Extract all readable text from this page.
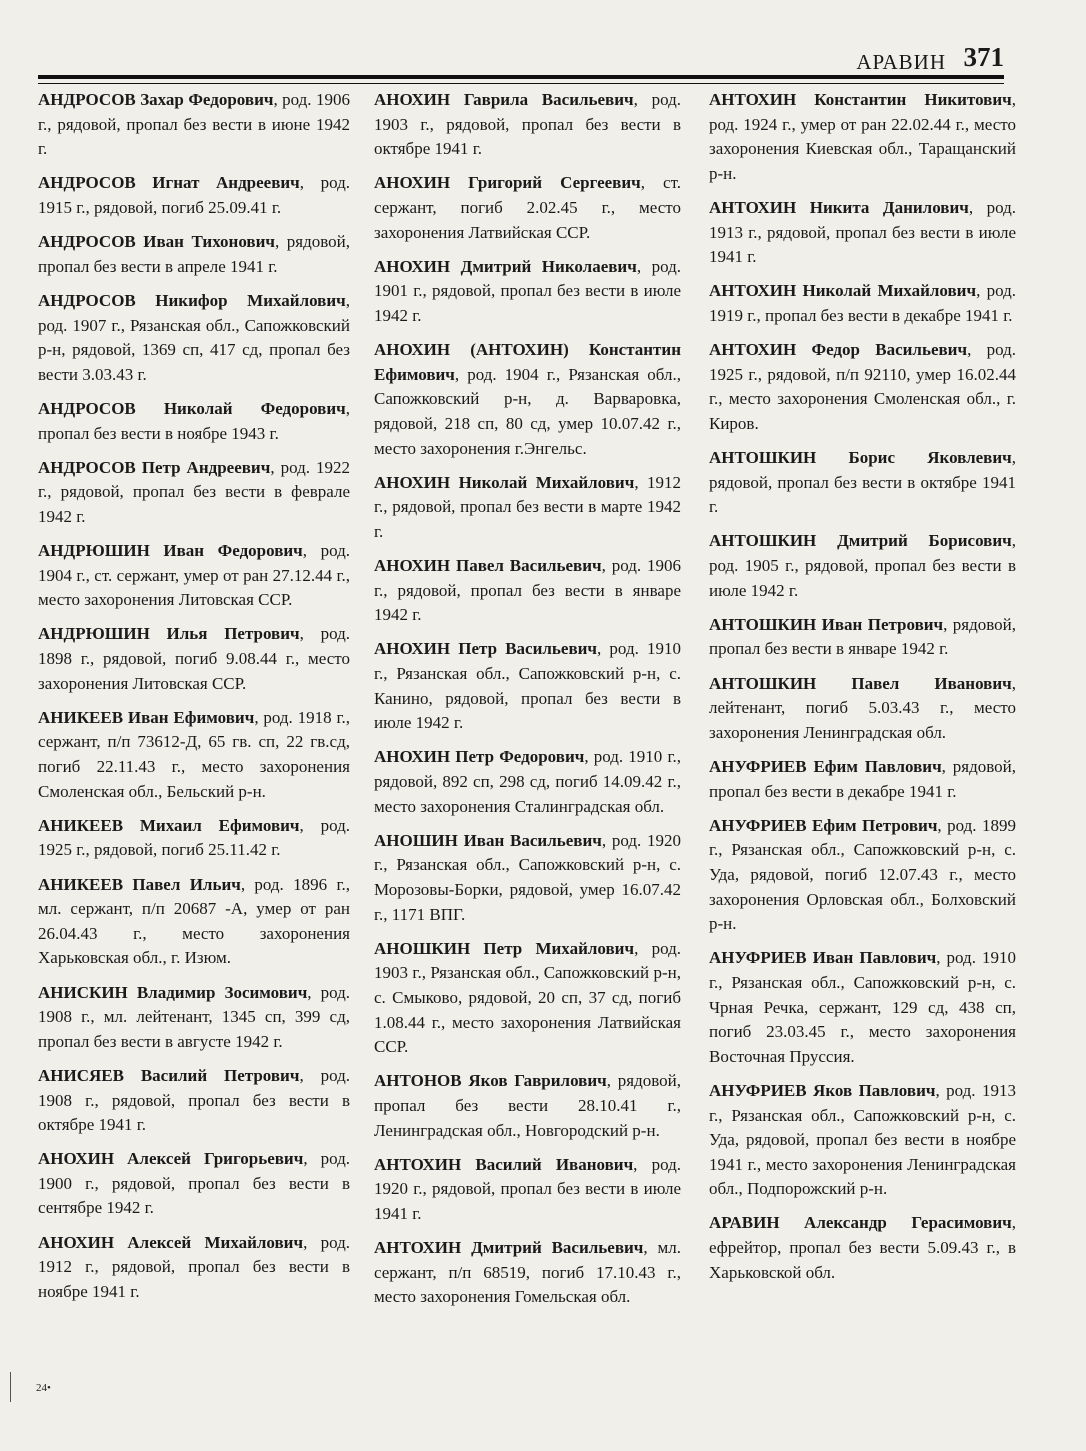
АРАВИН 371

АНДРОСОВ Захар Федорович, род. 1906 г., рядовой, пропал без вести в июне 1942 г.

АНДРОСОВ Игнат Андреевич, род. 1915 г., рядовой, погиб 25.09.41 г.

АНДРОСОВ Иван Тихонович, рядовой, пропал без вести в апреле 1941 г.

АНДРОСОВ Никифор Михайлович, род. 1907 г., Рязанская обл., Сапожковский р-н, рядовой, 1369 сп, 417 сд, пропал без вести 3.03.43 г.

АНДРОСОВ Николай Федорович, пропал без вести в ноябре 1943 г.

АНДРОСОВ Петр Андреевич, род. 1922 г., рядовой, пропал без вести в феврале 1942 г.

АНДРЮШИН Иван Федорович, род. 1904 г., ст. сержант, умер от ран 27.12.44 г., место захоронения Литовская ССР.

АНДРЮШИН Илья Петрович, род. 1898 г., рядовой, погиб 9.08.44 г., место захоронения Литовская ССР.

АНИКЕЕВ Иван Ефимович, род. 1918 г., сержант, п/п 73612-Д, 65 гв. сп, 22 гв.сд, погиб 22.11.43 г., место захоронения Смоленская обл., Бельский р-н.

АНИКЕЕВ Михаил Ефимович, род. 1925 г., рядовой, погиб 25.11.42 г.

АНИКЕЕВ Павел Ильич, род. 1896 г., мл. сержант, п/п 20687 -А, умер от ран 26.04.43 г., место захоронения Харьковская обл., г. Изюм.

АНИСКИН Владимир Зосимович, род. 1908 г., мл. лейтенант, 1345 сп, 399 сд, пропал без вести в августе 1942 г.

АНИСЯЕВ Василий Петрович, род. 1908 г., рядовой, пропал без вести в октябре 1941 г.

АНОХИН Алексей Григорьевич, род. 1900 г., рядовой, пропал без вести в сентябре 1942 г.

АНОХИН Алексей Михайлович, род. 1912 г., рядовой, пропал без вести в ноябре 1941 г.

АНОХИН Гаврила Васильевич, род. 1903 г., рядовой, пропал без вести в октябре 1941 г.

АНОХИН Григорий Сергеевич, ст. сержант, погиб 2.02.45 г., место захоронения Латвийская ССР.

АНОХИН Дмитрий Николаевич, род. 1901 г., рядовой, пропал без вести в июле 1942 г.

АНОХИН (АНТОХИН) Константин Ефимович, род. 1904 г., Рязанская обл., Сапожковский р-н, д. Варваровка, рядовой, 218 сп, 80 сд, умер 10.07.42 г., место захоронения г.Энгельс.

АНОХИН Николай Михайлович, 1912 г., рядовой, пропал без вести в марте 1942 г.

АНОХИН Павел Васильевич, род. 1906 г., рядовой, пропал без вести в январе 1942 г.

АНОХИН Петр Васильевич, род. 1910 г., Рязанская обл., Сапожковский р-н, с. Канино, рядовой, пропал без вести в июле 1942 г.

АНОХИН Петр Федорович, род. 1910 г., рядовой, 892 сп, 298 сд, погиб 14.09.42 г., место захоронения Сталинградская обл.

АНОШИН Иван Васильевич, род. 1920 г., Рязанская обл., Сапожковский р-н, с. Морозовы-Борки, рядовой, умер 16.07.42 г., 1171 ВПГ.

АНОШКИН Петр Михайлович, род. 1903 г., Рязанская обл., Сапожковский р-н, с. Смыково, рядовой, 20 сп, 37 сд, погиб 1.08.44 г., место захоронения Латвийская ССР.

АНТОНОВ Яков Гаврилович, рядовой, пропал без вести 28.10.41 г., Ленинградская обл., Новгородский р-н.

АНТОХИН Василий Иванович, род. 1920 г., рядовой, пропал без вести в июле 1941 г.

АНТОХИН Дмитрий Васильевич, мл. сержант, п/п 68519, погиб 17.10.43 г., место захоронения Гомельская обл.

АНТОХИН Константин Никитович, род. 1924 г., умер от ран 22.02.44 г., место захоронения Киевская обл., Таращанский р-н.

АНТОХИН Никита Данилович, род. 1913 г., рядовой, пропал без вести в июле 1941 г.

АНТОХИН Николай Михайлович, род. 1919 г., пропал без вести в декабре 1941 г.

АНТОХИН Федор Васильевич, род. 1925 г., рядовой, п/п 92110, умер 16.02.44 г., место захоронения Смоленская обл., г. Киров.

АНТОШКИН Борис Яковлевич, рядовой, пропал без вести в октябре 1941 г.

АНТОШКИН Дмитрий Борисович, род. 1905 г., рядовой, пропал без вести в июле 1942 г.

АНТОШКИН Иван Петрович, рядовой, пропал без вести в январе 1942 г.

АНТОШКИН Павел Иванович, лейтенант, погиб 5.03.43 г., место захоронения Ленинградская обл.

АНУФРИЕВ Ефим Павлович, рядовой, пропал без вести в декабре 1941 г.

АНУФРИЕВ Ефим Петрович, род. 1899 г., Рязанская обл., Сапожковский р-н, с. Уда, рядовой, погиб 12.07.43 г., место захоронения Орловская обл., Болховский р-н.

АНУФРИЕВ Иван Павлович, род. 1910 г., Рязанская обл., Сапожковский р-н, с. Чрная Речка, сержант, 129 сд, 438 сп, погиб 23.03.45 г., место захоронения Восточная Пруссия.

АНУФРИЕВ Яков Павлович, род. 1913 г., Рязанская обл., Сапожковский р-н, с. Уда, рядовой, пропал без вести в ноябре 1941 г., место захоронения Ленинградская обл., Подпорожский р-н.

АРАВИН Александр Герасимович, ефрейтор, пропал без вести 5.09.43 г., в Харьковской обл.

24•
